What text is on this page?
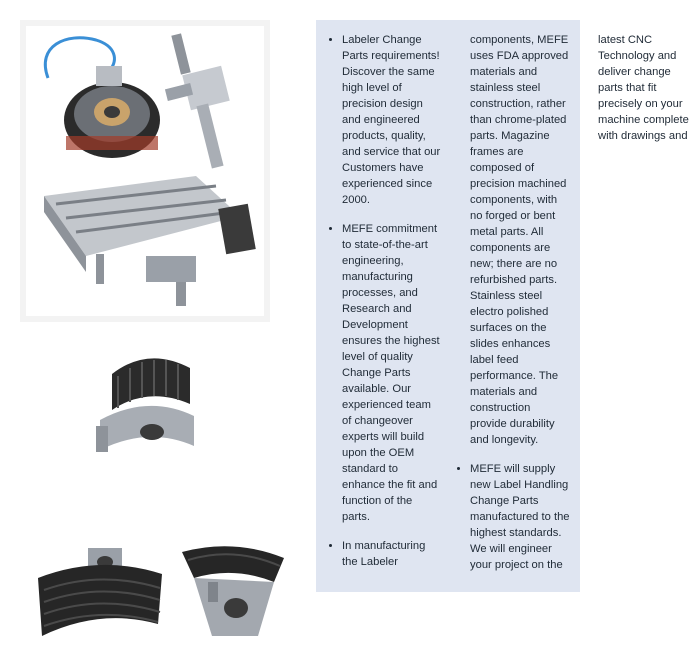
• Labeler Change Parts requirements! Discover the same high level of precision design and engineered products, quality, and service that our Customers have experienced since 2000.
• MEFE commitment to state-of-the-art engineering, manufacturing processes, and Research and Development ensures the highest level of quality Change Parts available. Our experienced team of changeover experts will build upon the OEM standard to enhance the fit and function of the parts.
• In manufacturing the Labeler components, MEFE uses FDA approved materials and stainless steel construction, rather than chrome-plated parts. Magazine frames are composed of precision machined components, with no forged or bent metal parts. All components are new; there are no refurbished parts. Stainless steel electro polished surfaces on the slides enhances label feed performance. The materials and construction provide durability and longevity.
• MEFE will supply new Label Handling Change Parts manufactured to the highest standards. We will engineer your project on the latest CNC Technology and deliver change parts that fit precisely on your machine complete with drawings and
